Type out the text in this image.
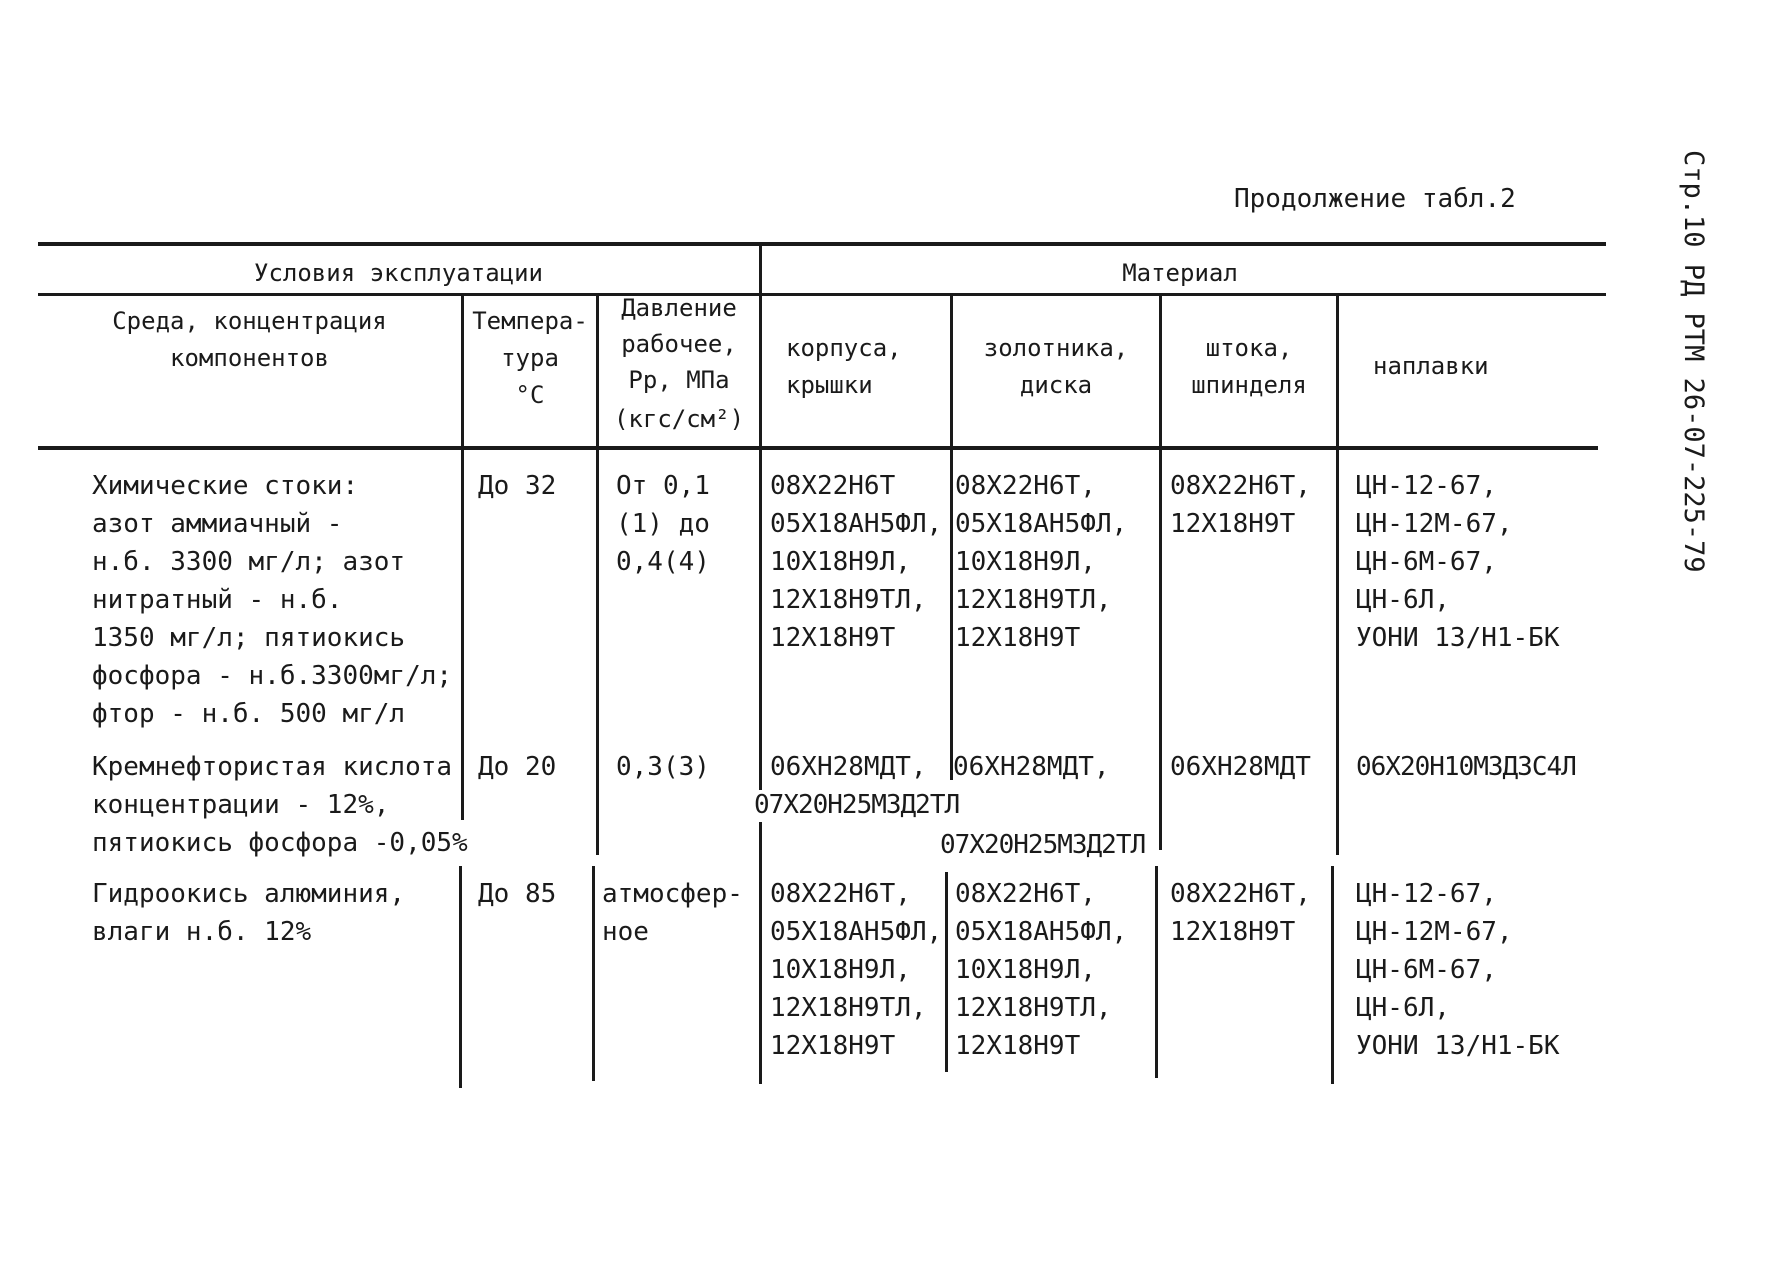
Стр.10 РД РТМ 26-07-225-79
Продолжение табл.2
Условия эксплуатации	Материал
Среда, концентрация
компонентов
Темпера-
тура
°C
Давление
рабочее,
Рр, МПа
(кгс/см²)
корпуса,
крышки
золотника,
диска
штока,
шпинделя
наплавки
Химические стоки:
азот аммиачный -
н.б. 3300 мг/л; азот
нитратный - н.б.
1350 мг/л; пятиокись
фосфора - н.б.3300мг/л;
фтор - н.б. 500 мг/л
До 32 От 0,1
(1) до
0,4(4)
08Х22Н6Т
05Х18АН5ФЛ,
10Х18Н9Л,
12Х18Н9ТЛ,
12Х18Н9Т
08Х22Н6Т,
05Х18АН5ФЛ,
10Х18Н9Л,
12Х18Н9ТЛ,
12Х18Н9Т
08Х22Н6Т,
12Х18Н9Т
ЦН-12-67,
ЦН-12М-67,
ЦН-6М-67,
ЦН-6Л,
УОНИ 13/Н1-БК
Кремнефтористая кислота
концентрации - 12%,
пятиокись фосфора -0,05%
До 20 0,3(3) 06ХН28МДТ,
07Х20Н25М3Д2ТЛ
06ХН28МДТ,
07Х20Н25М3Д2ТЛ
06ХН28МДТ 06Х20Н10М3Д3С4Л
Гидроокись алюминия,
влаги н.б. 12%
До 85 атмосфер-
ное
08Х22Н6Т,
05Х18АН5ФЛ,
10Х18Н9Л,
12Х18Н9ТЛ,
12Х18Н9Т
08Х22Н6Т,
05Х18АН5ФЛ,
10Х18Н9Л,
12Х18Н9ТЛ,
12Х18Н9Т
08Х22Н6Т,
12Х18Н9Т
ЦН-12-67,
ЦН-12М-67,
ЦН-6М-67,
ЦН-6Л,
УОНИ 13/Н1-БК
